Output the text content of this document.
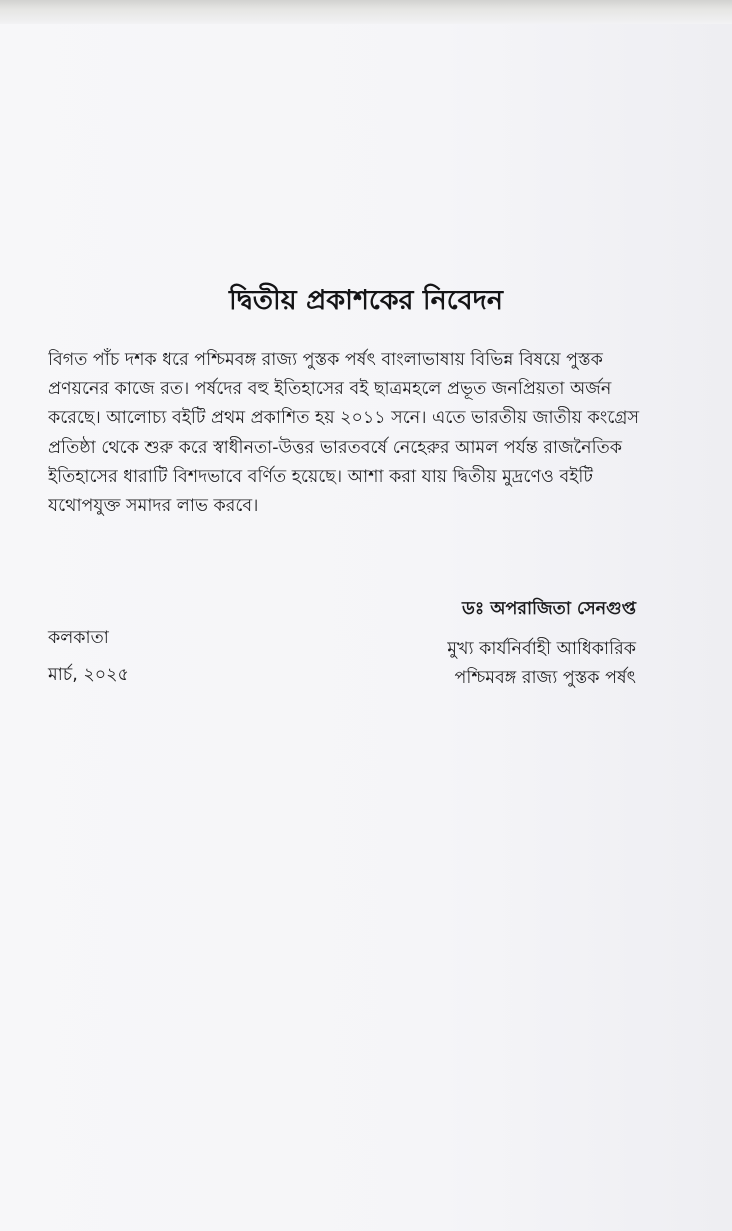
দ্বিতীয় প্রকাশকের নিবেদন
বিগত পাঁচ দশক ধরে পশ্চিমবঙ্গ রাজ্য পুস্তক পর্ষৎ বাংলাভাষায় বিভিন্ন বিষয়ে পুস্তক
প্রণয়নের কাজে রত। পর্ষদের বহু ইতিহাসের বই ছাত্রমহলে প্রভূত জনপ্রিয়তা অর্জন
করেছে। আলোচ্য বইটি প্রথম প্রকাশিত হয় ২০১১ সনে। এতে ভারতীয় জাতীয় কংগ্রেস
প্রতিষ্ঠা থেকে শুরু করে স্বাধীনতা-উত্তর ভারতবর্ষে নেহেরুর আমল পর্যন্ত রাজনৈতিক
ইতিহাসের ধারাটি বিশদভাবে বর্ণিত হয়েছে। আশা করা যায় দ্বিতীয় মুদ্রণেও বইটি
যথোপযুক্ত সমাদর লাভ করবে।
ডঃ অপরাজিতা সেনগুপ্ত
কলকাতা
মুখ্য কার্যনির্বাহী আধিকারিক
মার্চ, ২০২৫	পশ্চিমবঙ্গ রাজ্য পুস্তক পর্ষৎ
